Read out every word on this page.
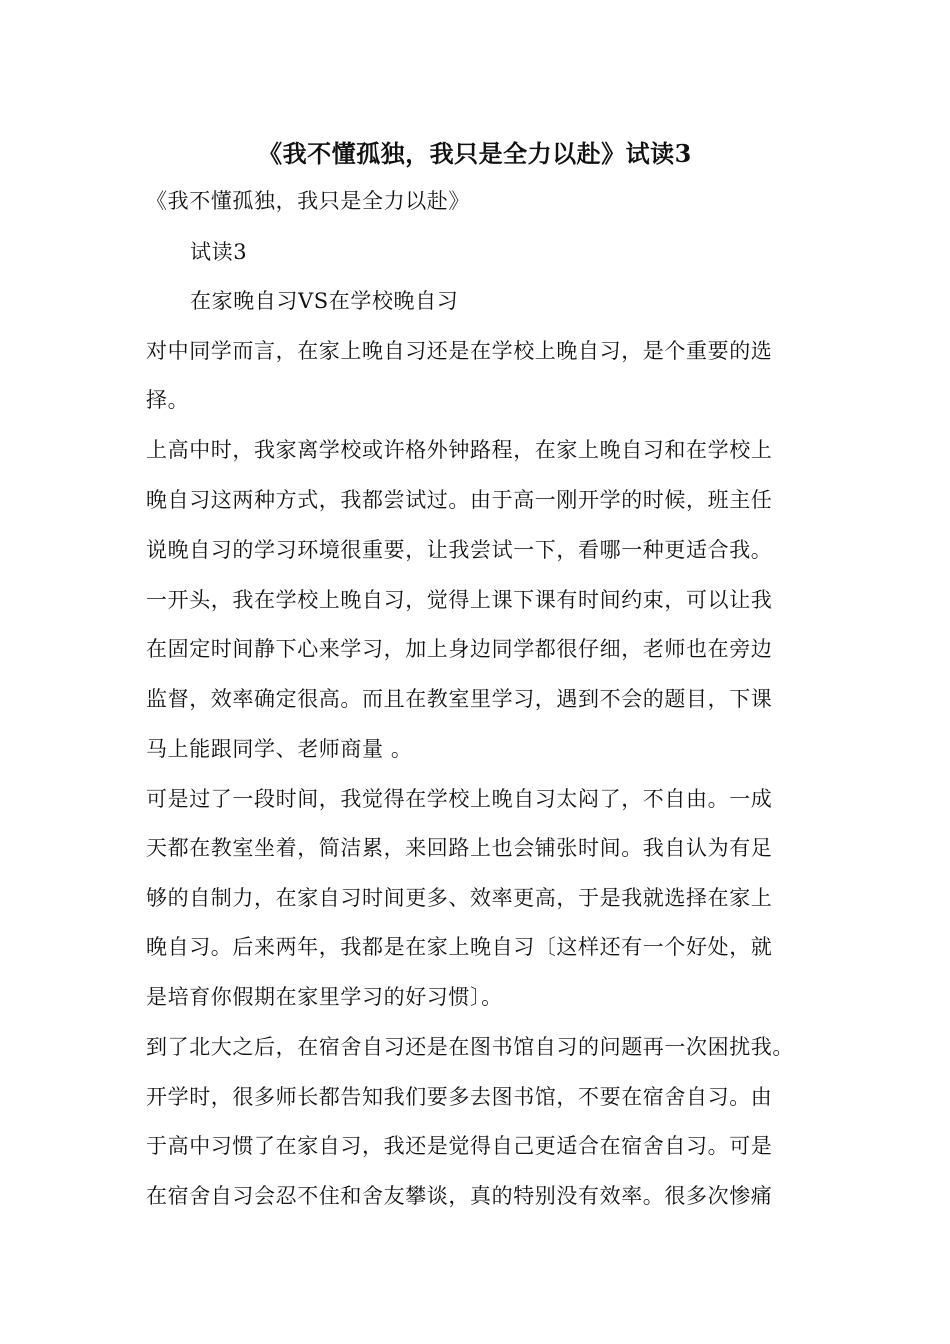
《我不懂孤独，我只是全力以赴》试读3
《我不懂孤独，我只是全力以赴》
试读3
在家晚自习VS在学校晚自习
对中同学而言，在家上晚自习还是在学校上晚自习，是个重要的选
择。
上高中时，我家离学校或许格外钟路程，在家上晚自习和在学校上
晚自习这两种方式，我都尝试过。由于高一刚开学的时候，班主任
说晚自习的学习环境很重要，让我尝试一下，看哪一种更适合我。
一开头，我在学校上晚自习，觉得上课下课有时间约束，可以让我
在固定时间静下心来学习，加上身边同学都很仔细，老师也在旁边
监督，效率确定很高。而且在教室里学习，遇到不会的题目，下课
马上能跟同学、老师商量 。
可是过了一段时间，我觉得在学校上晚自习太闷了，不自由。一成
天都在教室坐着，简洁累，来回路上也会铺张时间。我自认为有足
够的自制力，在家自习时间更多、效率更高，于是我就选择在家上
晚自习。后来两年，我都是在家上晚自习〔这样还有一个好处，就
是培育你假期在家里学习的好习惯〕。
到了北大之后，在宿舍自习还是在图书馆自习的问题再一次困扰我。
开学时，很多师长都告知我们要多去图书馆，不要在宿舍自习。由
于高中习惯了在家自习，我还是觉得自己更适合在宿舍自习。可是
在宿舍自习会忍不住和舍友攀谈，真的特别没有效率。很多次惨痛
